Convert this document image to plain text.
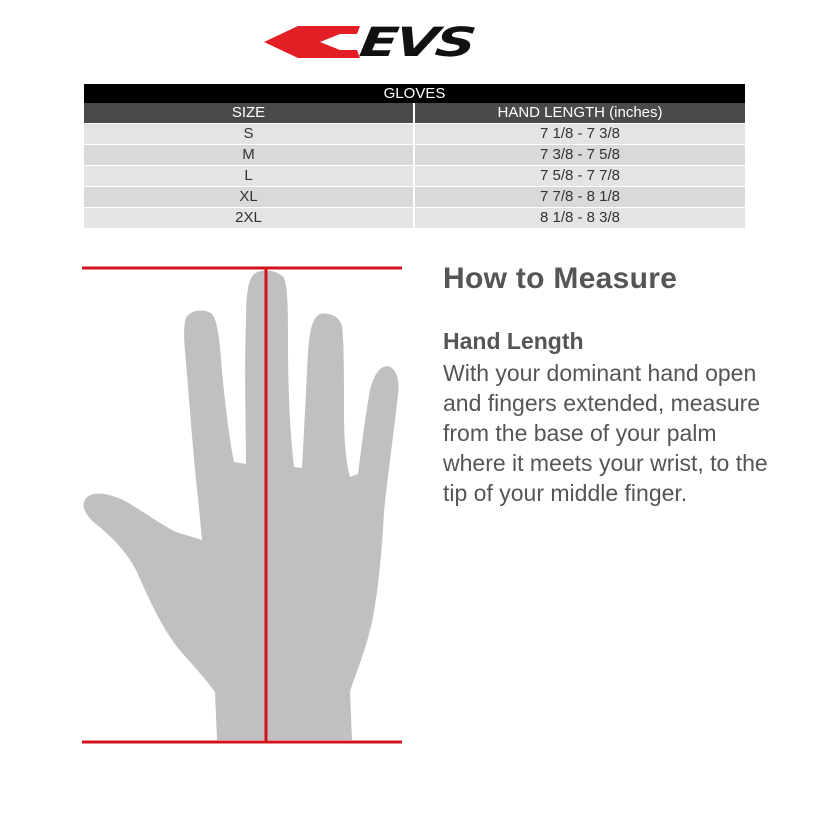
EVS
GLOVES
SIZE	HAND LENGTH (inches)
S	7 1/8 - 7 3/8
M	7 3/8 - 7 5/8
L	7 5/8 - 7 7/8
XL	7 7/8 - 8 1/8
2XL	8 1/8 - 8 3/8
How to Measure
Hand Length

With your dominant hand open and fingers extended, measure from the base of your palm where it meets your wrist, to the tip of your middle finger.
